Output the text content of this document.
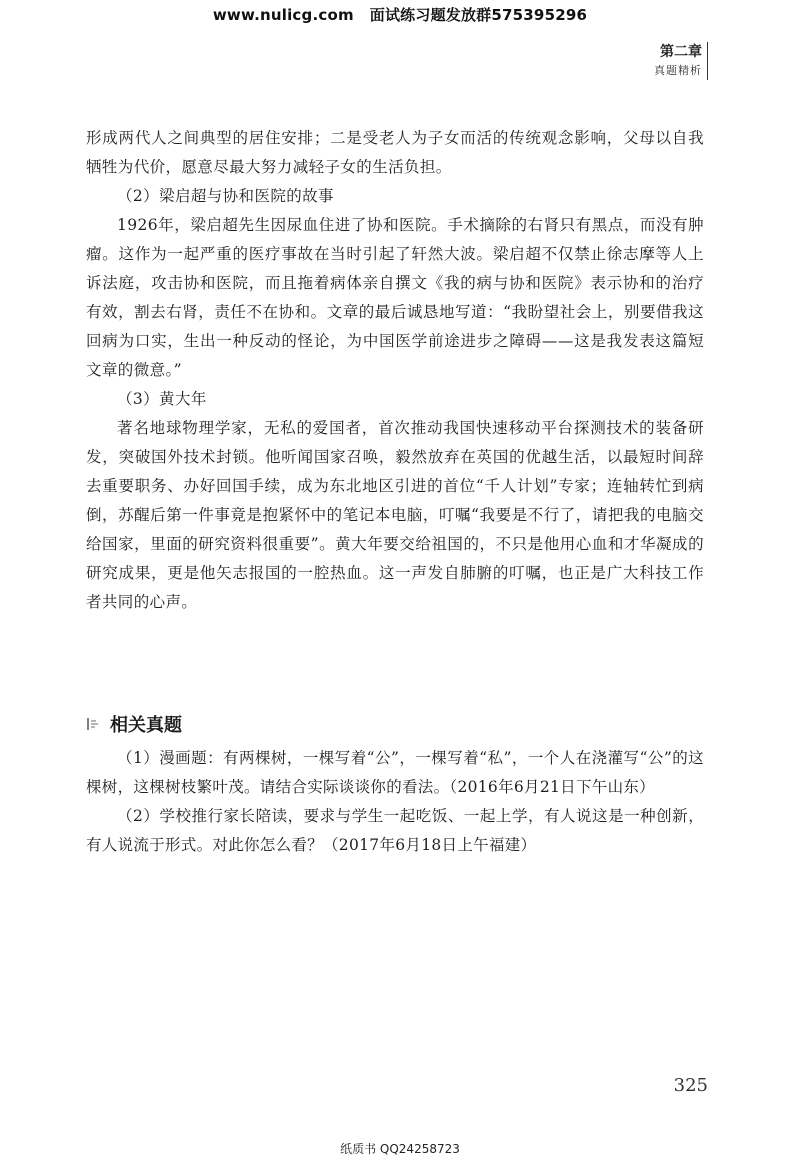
www.nulicg.com 面试练习题发放群575395296
第二章
真题精析

形成两代人之间典型的居住安排；二是受老人为子女而活的传统观念影响，父母以自我牺牲为代价，愿意尽最大努力减轻子女的生活负担。

（2）梁启超与协和医院的故事

1926年，梁启超先生因尿血住进了协和医院。手术摘除的右肾只有黑点，而没有肿瘤。这作为一起严重的医疗事故在当时引起了轩然大波。梁启超不仅禁止徐志摩等人上诉法庭，攻击协和医院，而且拖着病体亲自撰文《我的病与协和医院》表示协和的治疗有效，割去右肾，责任不在协和。文章的最后诚恳地写道：“我盼望社会上，别要借我这回病为口实，生出一种反动的怪论，为中国医学前途进步之障碍——这是我发表这篇短文章的微意。”

（3）黄大年

著名地球物理学家，无私的爱国者，首次推动我国快速移动平台探测技术的装备研发，突破国外技术封锁。他听闻国家召唤，毅然放弃在英国的优越生活，以最短时间辞去重要职务、办好回国手续，成为东北地区引进的首位“千人计划”专家；连轴转忙到病倒，苏醒后第一件事竟是抱紧怀中的笔记本电脑，叮嘱“我要是不行了，请把我的电脑交给国家，里面的研究资料很重要”。黄大年要交给祖国的，不只是他用心血和才华凝成的研究成果，更是他矢志报国的一腔热血。这一声发自肺腑的叮嘱，也正是广大科技工作者共同的心声。

相关真题

（1）漫画题：有两棵树，一棵写着“公”，一棵写着“私”，一个人在浇灌写“公”的这棵树，这棵树枝繁叶茂。请结合实际谈谈你的看法。（2016年6月21日下午山东）

（2）学校推行家长陪读，要求与学生一起吃饭、一起上学，有人说这是一种创新，有人说流于形式。对此你怎么看？（2017年6月18日上午福建）

325
纸质书 QQ24258723
